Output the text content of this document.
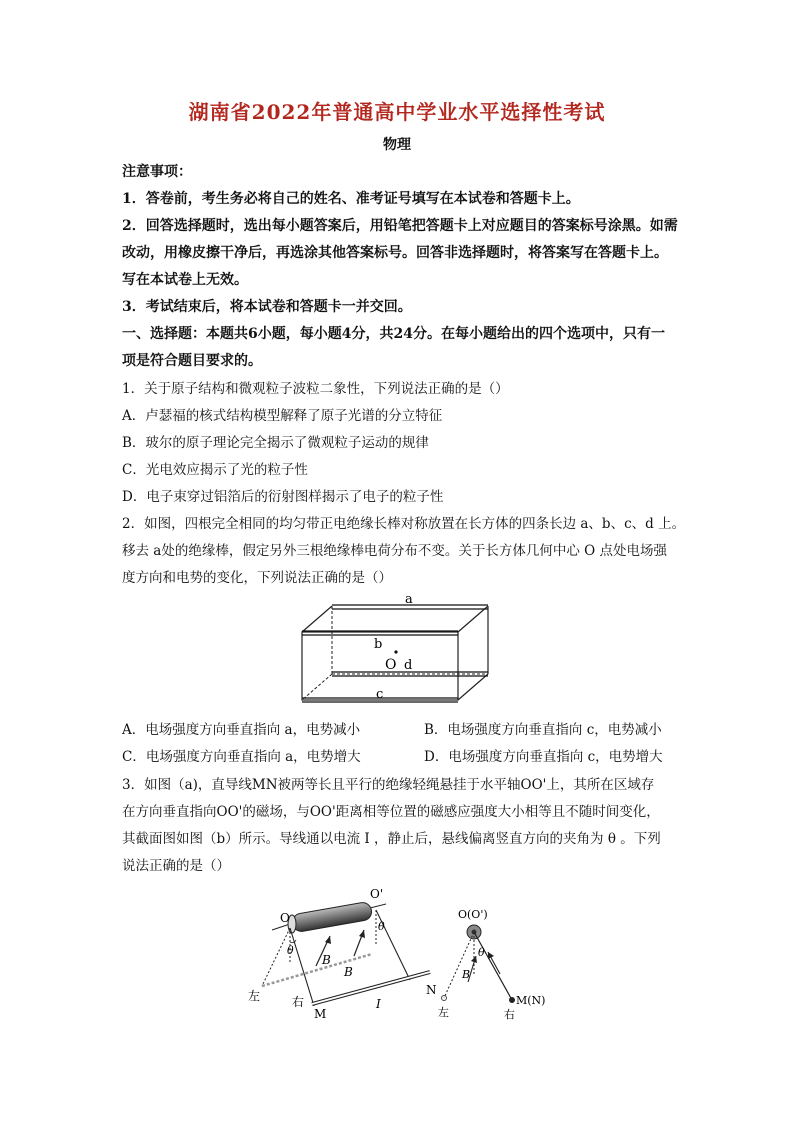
湖南省2022年普通高中学业水平选择性考试
物理
注意事项：
1．答卷前，考生务必将自己的姓名、准考证号填写在本试卷和答题卡上。
2．回答选择题时，选出每小题答案后，用铅笔把答题卡上对应题目的答案标号涂黑。如需
改动，用橡皮擦干净后，再选涂其他答案标号。回答非选择题时，将答案写在答题卡上。
写在本试卷上无效。
3．考试结束后，将本试卷和答题卡一并交回。
一、选择题：本题共6小题，每小题4分，共24分。在每小题给出的四个选项中，只有一
项是符合题目要求的。
1．关于原子结构和微观粒子波粒二象性，下列说法正确的是（）
A．卢瑟福的核式结构模型解释了原子光谱的分立特征
B．玻尔的原子理论完全揭示了微观粒子运动的规律
C．光电效应揭示了光的粒子性
D．电子束穿过铝箔后的衍射图样揭示了电子的粒子性
2．如图，四根完全相同的均匀带正电绝缘长棒对称放置在长方体的四条长边 a、b、c、d 上。
移去 a处的绝缘棒，假定另外三根绝缘棒电荷分布不变。关于长方体几何中心 O 点处电场强
度方向和电势的变化，下列说法正确的是（）
a
b
O d
c
A．电场强度方向垂直指向 a，电势减小	B．电场强度方向垂直指向 c，电势减小
C．电场强度方向垂直指向 a，电势增大	D．电场强度方向垂直指向 c，电势增大
3．如图（a)，直导线MN被两等长且平行的绝缘轻绳悬挂于水平轴OO'上，其所在区域存
在方向垂直指向OO'的磁场，与OO'距离相等位置的磁感应强度大小相等且不随时间变化，
其截面图如图（b）所示。导线通以电流 I ，静止后，悬线偏离竖直方向的夹角为 θ 。下列
说法正确的是（）
O
O'
θ
θ
B
B
左	右
M
N
I
O(O')
θ
B
M(N)
左	右
